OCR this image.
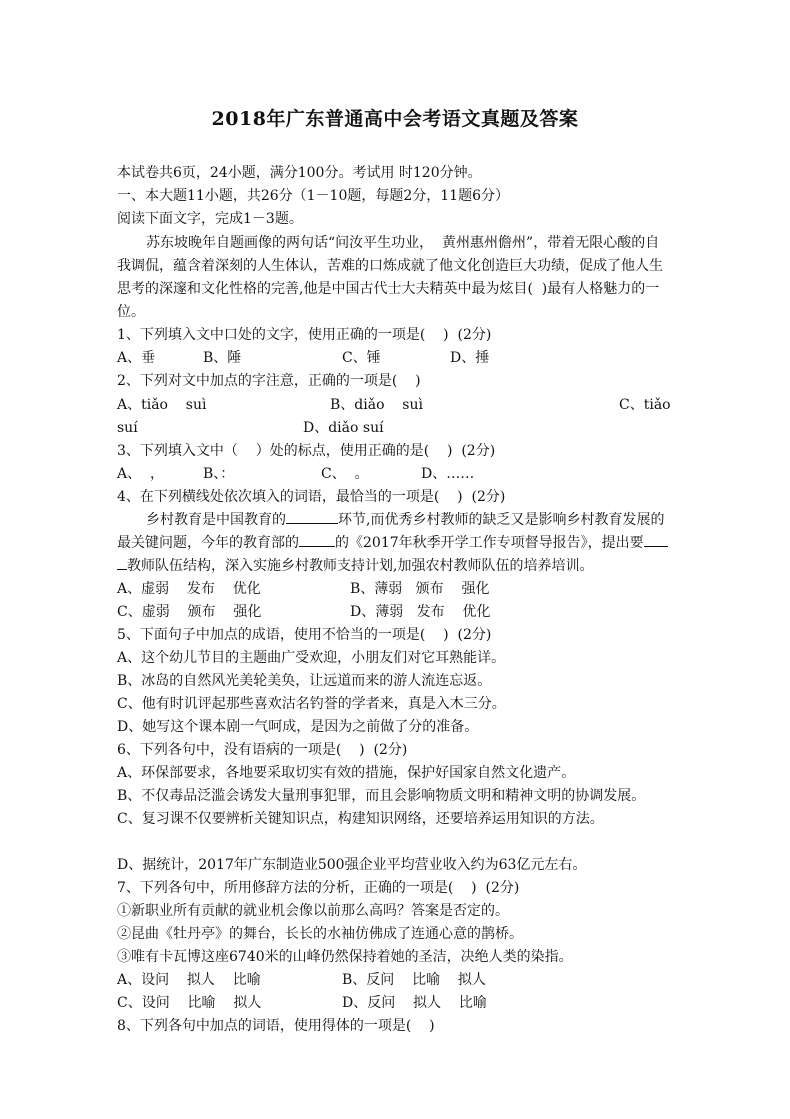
2018年广东普通高中会考语文真题及答案
本试卷共6页，24小题，满分100分。考试用 时120分钟。
一、本大题11小题，共26分（1－10题，每题2分，11题6分）
阅读下面文字，完成1－3题。
苏东坡晚年自题画像的两句话“问汝平生功业，  黄州惠州儋州”，带着无限心酸的自
我调侃，蕴含着深刻的人生体认，苦难的口炼成就了他文化创造巨大功绩，促成了他人生
思考的深邃和文化性格的完善,他是中国古代士大夫精英中最为炫目(  )最有人格魅力的一
位。
1、下列填入文中口处的文字，使用正确的一项是(    )  (2分)
A、垂	B、陲	C、锤	D、捶
2、下列对文中加点的字注意，正确的一项是(    )
A、tiǎo    suì	B、diǎo    suì	C、tiǎo
suí	D、diǎo suí
3、下列填入文中（    ）处的标点，使用正确的是(    )  (2分)
A、  ，	B、：	C、  。	D、……
4、在下列横线处依次填入的词语，最恰当的一项是(    )  (2分)
乡村教育是中国教育的	环节,而优秀乡村教师的缺乏又是影响乡村教育发展的
最关键问题，今年的教育部的	的《2017年秋季开学工作专项督导报告》，提出要
教师队伍结构，深入实施乡村教师支持计划,加强农村教师队伍的培养培训。
A、虚弱    发布    优化	B、薄弱   颁布    强化
C、虚弱    颁布    强化	D、薄弱   发布    优化
5、下面句子中加点的成语，使用不恰当的一项是(    )  (2分)
A、这个幼儿节目的主题曲广受欢迎，小朋友们对它耳熟能详。
B、冰岛的自然风光美轮美奂，让远道而来的游人流连忘返。
C、他有时讥评起那些喜欢沽名钓誉的学者来，真是入木三分。
D、她写这个课本剧一气呵成，是因为之前做了分的准备。
6、下列各句中，没有语病的一项是(    )  (2分)
A、环保部要求，各地要采取切实有效的措施，保护好国家自然文化遗产。
B、不仅毒品泛滥会诱发大量刑事犯罪，而且会影响物质文明和精神文明的协调发展。
C、复习课不仅要辨析关键知识点，构建知识网络，还要培养运用知识的方法。
D、据统计，2017年广东制造业500强企业平均营业收入约为63亿元左右。
7、下列各句中，所用修辞方法的分析，正确的一项是(    )  (2分)
①新职业所有贡献的就业机会像以前那么高吗？答案是否定的。
②昆曲《牡丹亭》的舞台，长长的水袖仿佛成了连通心意的鹊桥。
③唯有卡瓦博这座6740米的山峰仍然保持着她的圣洁，决绝人类的染指。
A、设问    拟人    比喻	B、反问    比喻    拟人
C、设问    比喻    拟人	D、反问    拟人    比喻
8、下列各句中加点的词语，使用得体的一项是(    )
